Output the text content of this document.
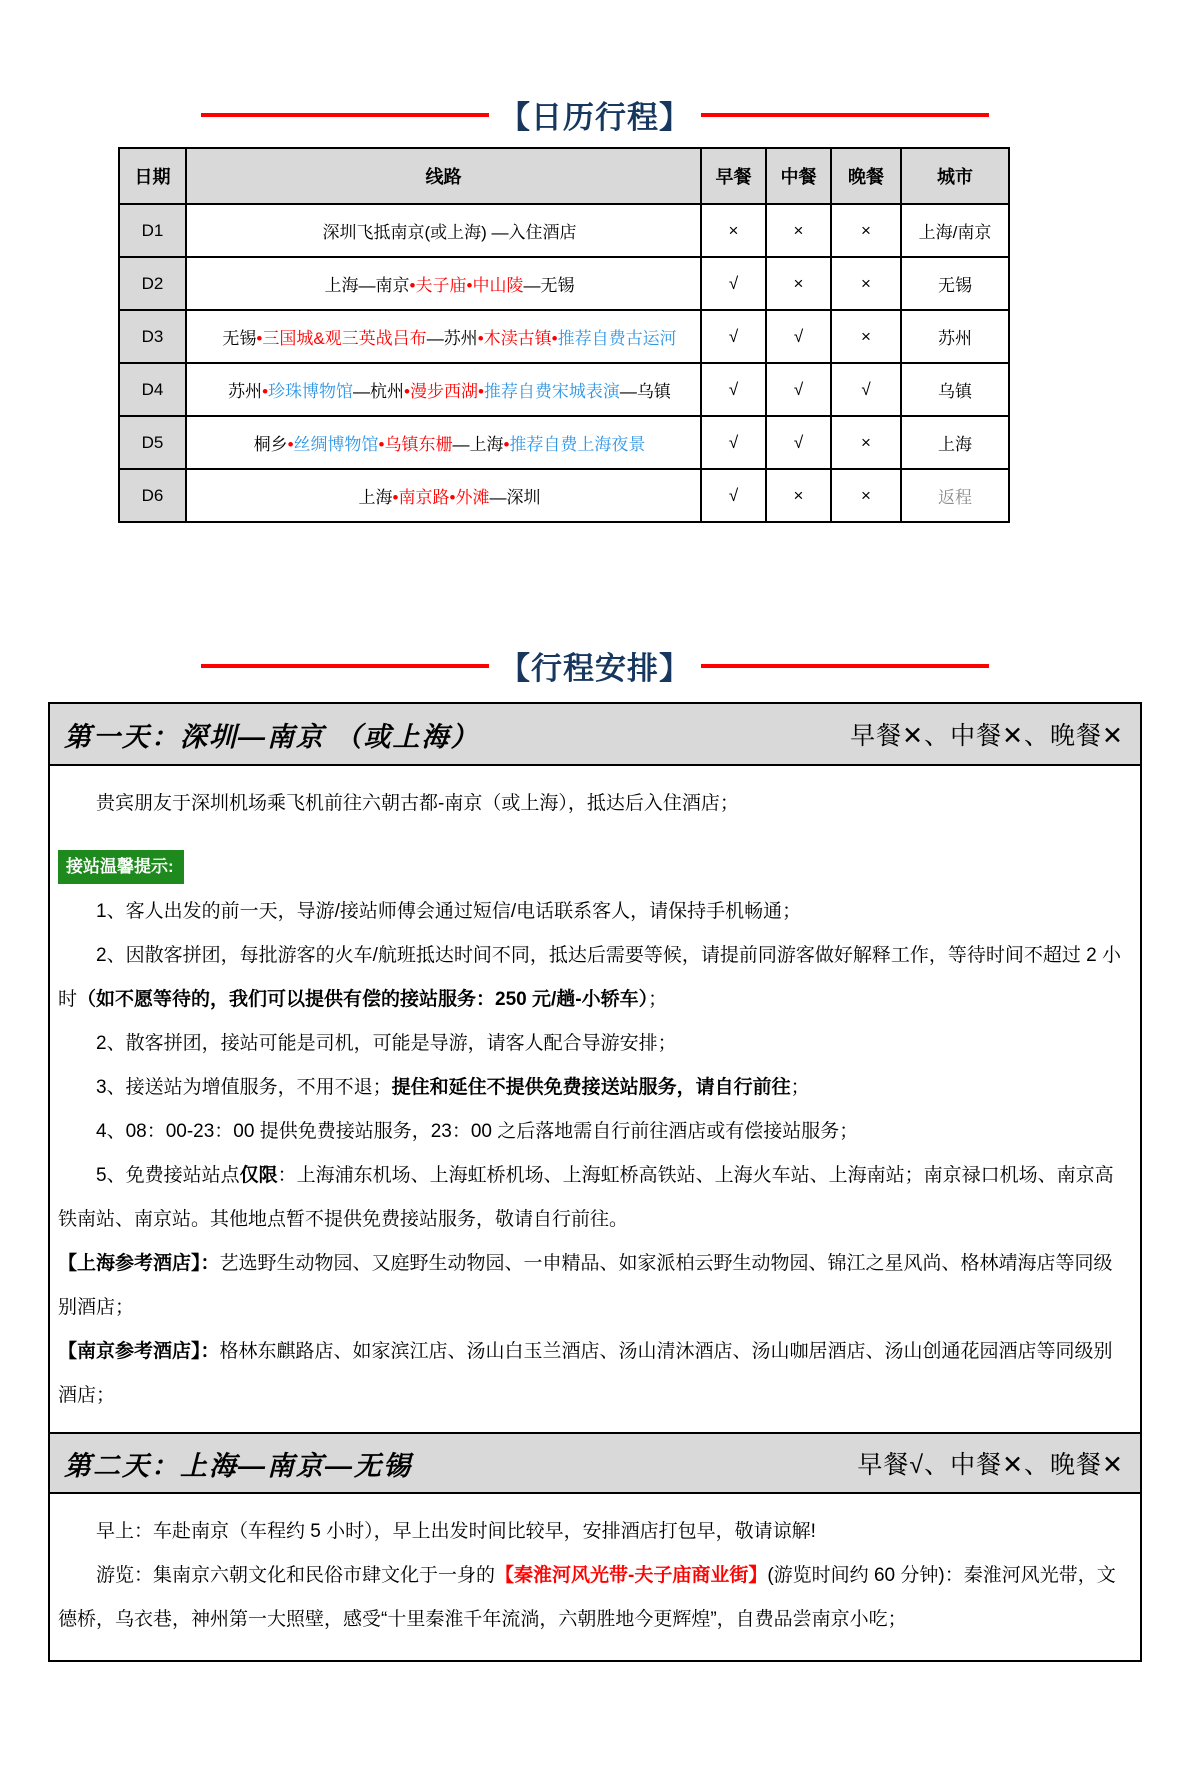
【日历行程】
日期	线路	早餐	中餐	晚餐	城市
D1	深圳飞抵南京(或上海) —入住酒店	×	×	×	上海/南京
D2	上海—南京•夫子庙•中山陵—无锡	√	×	×	无锡
D3	无锡•三国城&观三英战吕布—苏州•木渎古镇•推荐自费古运河	√	√	×	苏州
D4	苏州•珍珠博物馆—杭州•漫步西湖•推荐自费宋城表演—乌镇	√	√	√	乌镇
D5	桐乡•丝绸博物馆•乌镇东栅—上海•推荐自费上海夜景	√	√	×	上海
D6	上海•南京路•外滩—深圳	√	×	×	返程
【行程安排】
第一天：深圳—南京 （或上海）	早餐✕、中餐✕、晚餐✕

贵宾朋友于深圳机场乘飞机前往六朝古都-南京（或上海），抵达后入住酒店；

接站温馨提示:

1、客人出发的前一天，导游/接站师傅会通过短信/电话联系客人，请保持手机畅通；

2、因散客拼团，每批游客的火车/航班抵达时间不同，抵达后需要等候，请提前同游客做好解释工作，等待时间不超过 2 小时（如不愿等待的，我们可以提供有偿的接站服务：250 元/趟-小轿车）；

2、散客拼团，接站可能是司机，可能是导游，请客人配合导游安排；

3、接送站为增值服务，不用不退；提住和延住不提供免费接送站服务，请自行前往；

4、08：00-23：00 提供免费接站服务，23：00 之后落地需自行前往酒店或有偿接站服务；

5、免费接站站点仅限：上海浦东机场、上海虹桥机场、上海虹桥高铁站、上海火车站、上海南站；南京禄口机场、南京高铁南站、南京站。其他地点暂不提供免费接站服务，敬请自行前往。

【上海参考酒店】：艺选野生动物园、又庭野生动物园、一申精品、如家派柏云野生动物园、锦江之星风尚、格林靖海店等同级别酒店；

【南京参考酒店】：格林东麒路店、如家滨江店、汤山白玉兰酒店、汤山清沐酒店、汤山咖居酒店、汤山创通花园酒店等同级别酒店；

第二天：上海—南京—无锡	早餐√、中餐✕、晚餐✕

早上：车赴南京（车程约 5 小时），早上出发时间比较早，安排酒店打包早，敬请谅解!

游览：集南京六朝文化和民俗市肆文化于一身的【秦淮河风光带-夫子庙商业街】(游览时间约 60 分钟)：秦淮河风光带，文德桥，乌衣巷，神州第一大照壁，感受“十里秦淮千年流淌，六朝胜地今更辉煌”，自费品尝南京小吃；
